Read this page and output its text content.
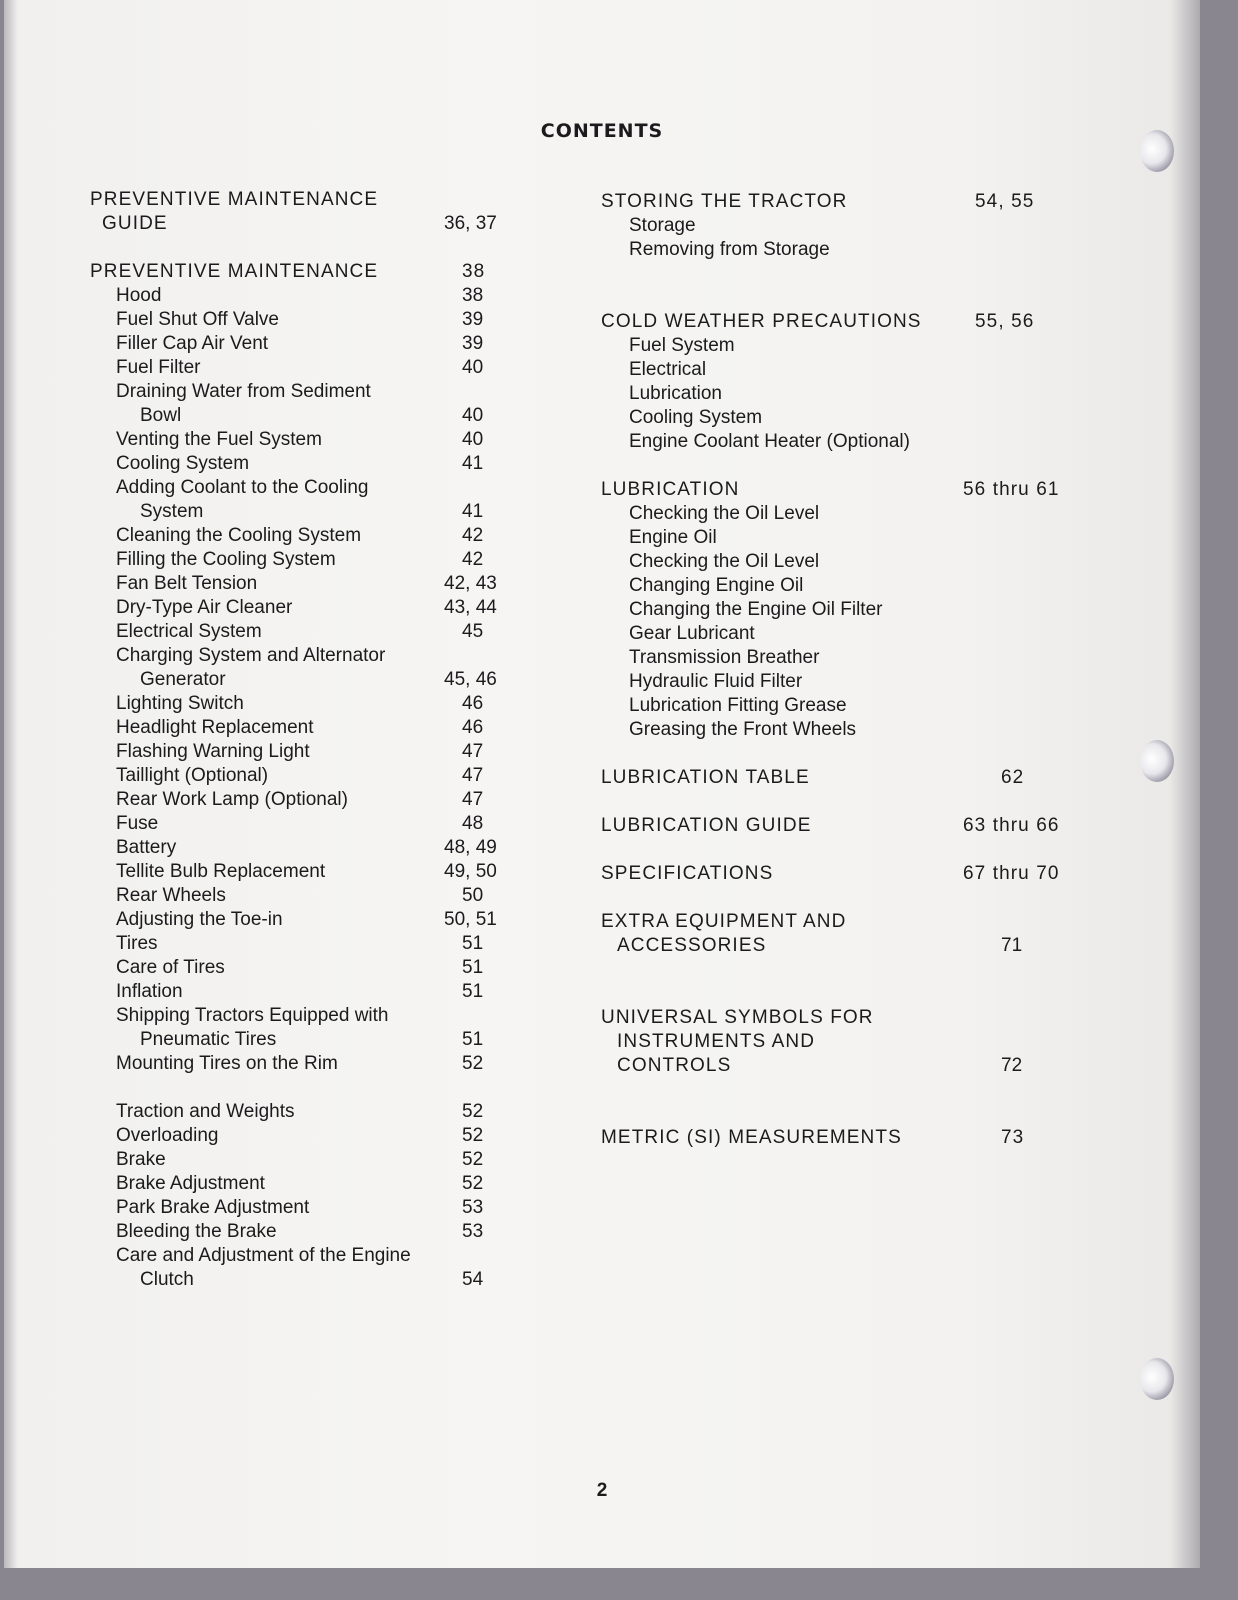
CONTENTS
PREVENTIVE MAINTENANCE
GUIDE	36, 37
PREVENTIVE MAINTENANCE	38
Hood	38
Fuel Shut Off Valve	39
Filler Cap Air Vent	39
Fuel Filter	40
Draining Water from Sediment
Bowl	40
Venting the Fuel System	40
Cooling System	41
Adding Coolant to the Cooling
System	41
Cleaning the Cooling System	42
Filling the Cooling System	42
Fan Belt Tension	42, 43
Dry-Type Air Cleaner	43, 44
Electrical System	45
Charging System and Alternator
Generator	45, 46
Lighting Switch	46
Headlight Replacement	46
Flashing Warning Light	47
Taillight (Optional)	47
Rear Work Lamp (Optional)	47
Fuse	48
Battery	48, 49
Tellite Bulb Replacement	49, 50
Rear Wheels	50
Adjusting the Toe-in	50, 51
Tires	51
Care of Tires	51
Inflation	51
Shipping Tractors Equipped with
Pneumatic Tires	51
Mounting Tires on the Rim	52
Traction and Weights	52
Overloading	52
Brake	52
Brake Adjustment	52
Park Brake Adjustment	53
Bleeding the Brake	53
Care and Adjustment of the Engine
Clutch	54
STORING THE TRACTOR	54, 55
Storage
Removing from Storage
COLD WEATHER PRECAUTIONS	55, 56
Fuel System
Electrical
Lubrication
Cooling System
Engine Coolant Heater (Optional)
LUBRICATION	56 thru 61
Checking the Oil Level
Engine Oil
Checking the Oil Level
Changing Engine Oil
Changing the Engine Oil Filter
Gear Lubricant
Transmission Breather
Hydraulic Fluid Filter
Lubrication Fitting Grease
Greasing the Front Wheels
LUBRICATION TABLE	62
LUBRICATION GUIDE	63 thru 66
SPECIFICATIONS	67 thru 70
EXTRA EQUIPMENT AND
ACCESSORIES	71
UNIVERSAL SYMBOLS FOR
INSTRUMENTS AND
CONTROLS	72
METRIC (SI) MEASUREMENTS	73
2
